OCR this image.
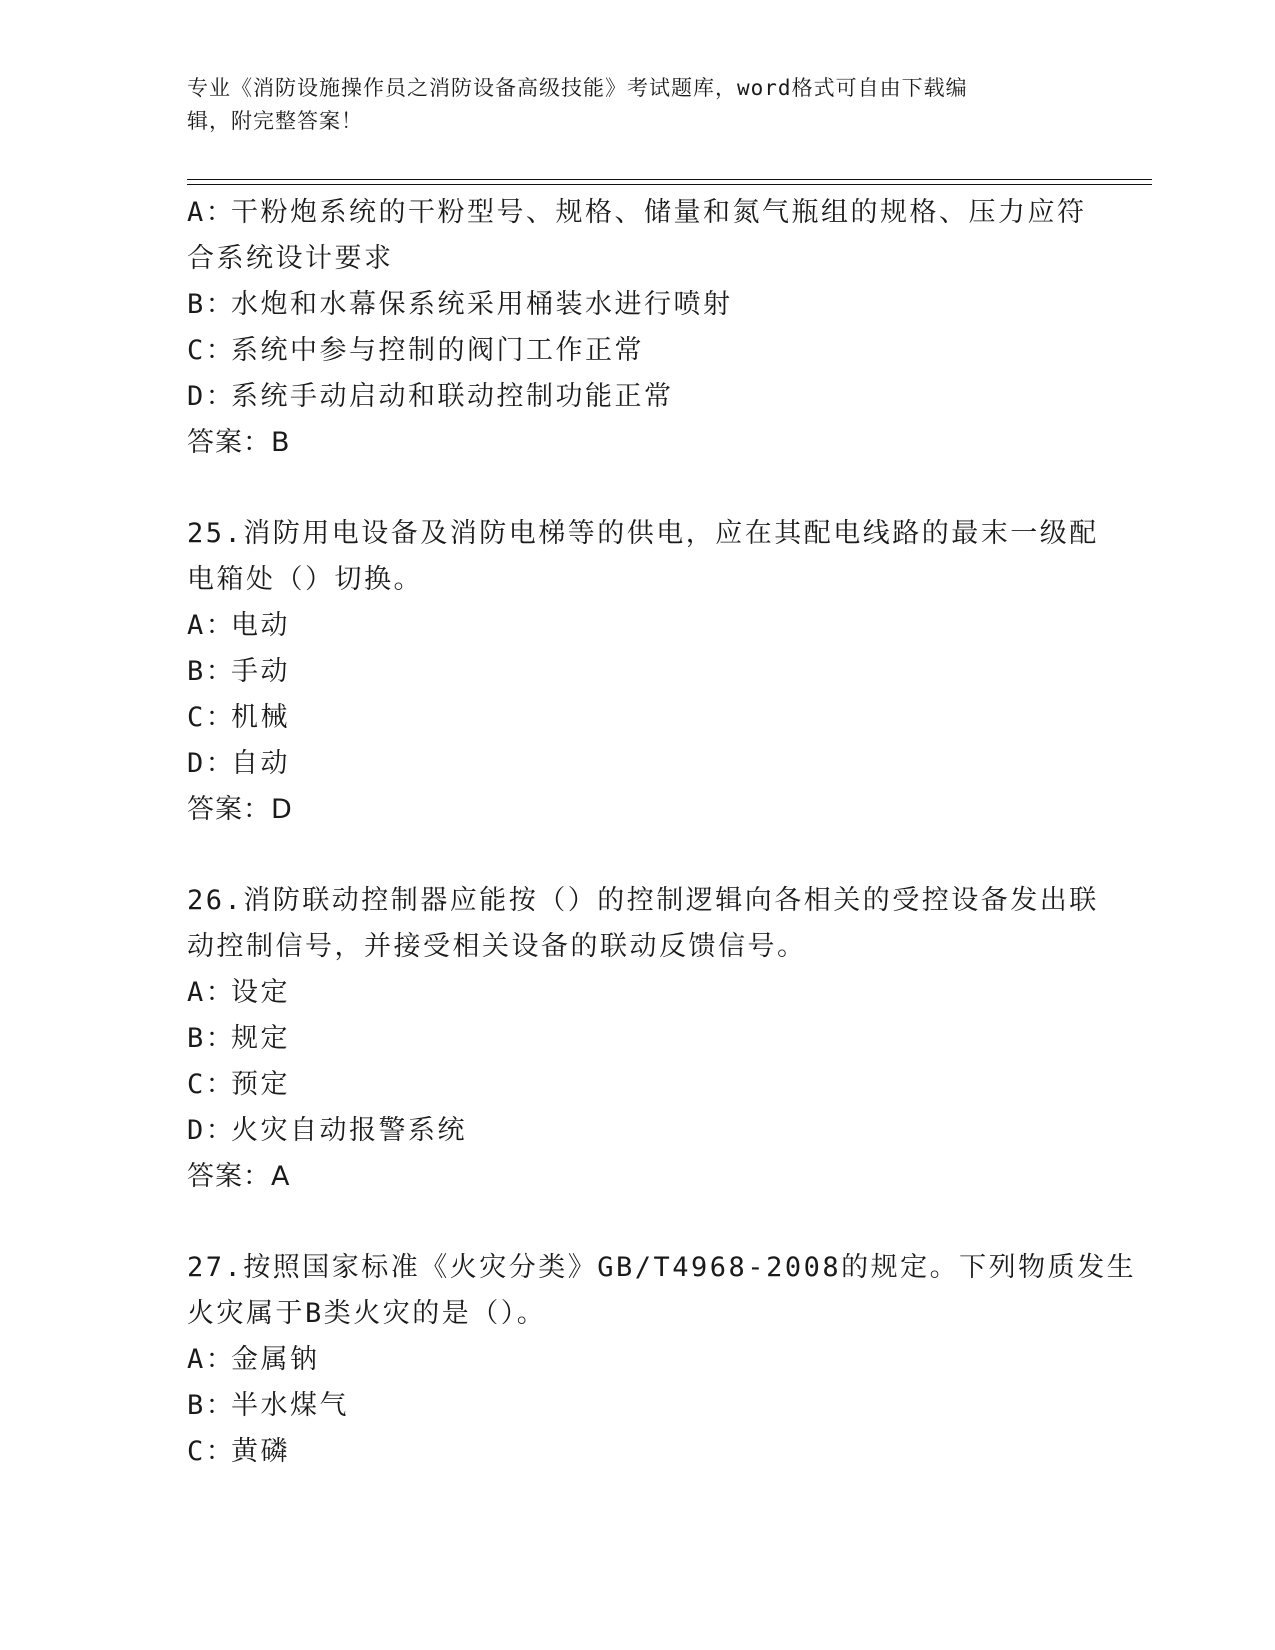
专业《消防设施操作员之消防设备高级技能》考试题库，word格式可自由下载编
辑，附完整答案！
A：干粉炮系统的干粉型号、规格、储量和氮气瓶组的规格、压力应符
合系统设计要求
B：水炮和水幕保系统采用桶装水进行喷射
C：系统中参与控制的阀门工作正常
D：系统手动启动和联动控制功能正常
答案：B
25.消防用电设备及消防电梯等的供电，应在其配电线路的最末一级配
电箱处（）切换。
A：电动
B：手动
C：机械
D：自动
答案：D
26.消防联动控制器应能按（）的控制逻辑向各相关的受控设备发出联
动控制信号，并接受相关设备的联动反馈信号。
A：设定
B：规定
C：预定
D：火灾自动报警系统
答案：A
27.按照国家标准《火灾分类》GB/T4968-2008的规定。下列物质发生
火灾属于B类火灾的是（）。
A：金属钠
B：半水煤气
C：黄磷
